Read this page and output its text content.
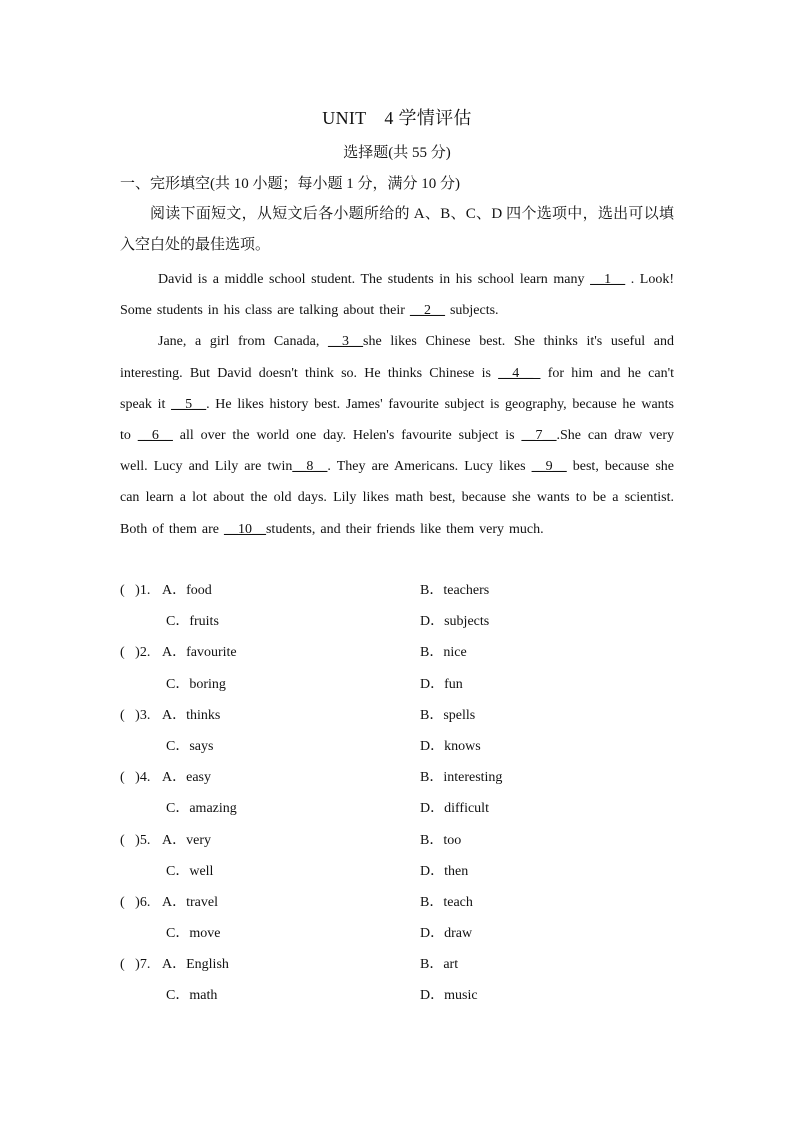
UNIT　4 学情评估
选择题(共 55 分)
一、完形填空(共 10 小题；每小题 1 分，满分 10 分)

阅读下面短文，从短文后各小题所给的 A、B、C、D 四个选项中，选出可以填入空白处的最佳选项。

David is a middle school student. The students in his school learn many __1__ . Look! Some students in his class are talking about their __2__ subjects.

Jane, a girl from Canada, __3__she likes Chinese best. She thinks it's useful and interesting. But David doesn't think so. He thinks Chinese is __4__  for him and he can't speak it __5__. He likes history best. James' favourite subject is geography, because he wants to __6__ all over the world one day. Helen's favourite subject is __7__.She can draw very well. Lucy and Lily are twin__8__. They are Americans. Lucy likes __9__ best, because she can learn a lot about the old days. Lily likes math best, because she wants to be a scientist. Both of them are __10__students, and their friends like them very much.

(   )1. A．food	B．teachers
C．fruits	D．subjects
(   )2. A．favourite	B．nice
C．boring	D．fun
(   )3. A．thinks	B．spells
C．says	D．knows
(   )4. A．easy	B．interesting
C．amazing	D．difficult
(   )5. A．very	B．too
C．well	D．then
(   )6. A．travel	B．teach
C．move	D．draw
(   )7. A．English	B．art
C．math	D．music
